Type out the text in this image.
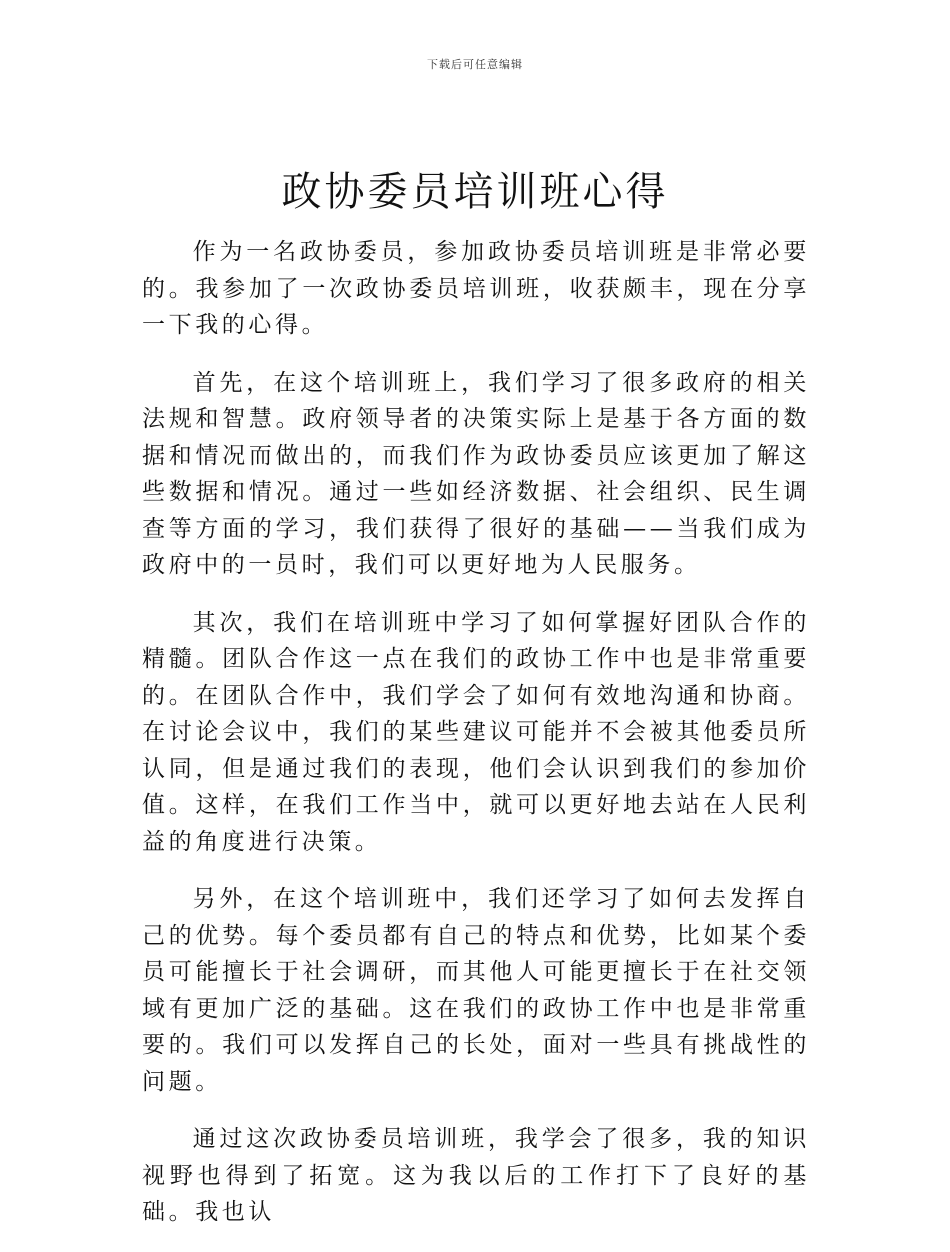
下载后可任意编辑
政协委员培训班心得

作为一名政协委员，参加政协委员培训班是非常必要的。我参加了一次政协委员培训班，收获颇丰，现在分享一下我的心得。

首先，在这个培训班上，我们学习了很多政府的相关法规和智慧。政府领导者的决策实际上是基于各方面的数据和情况而做出的，而我们作为政协委员应该更加了解这些数据和情况。通过一些如经济数据、社会组织、民生调查等方面的学习，我们获得了很好的基础——当我们成为政府中的一员时，我们可以更好地为人民服务。

其次，我们在培训班中学习了如何掌握好团队合作的精髓。团队合作这一点在我们的政协工作中也是非常重要的。在团队合作中，我们学会了如何有效地沟通和协商。在讨论会议中，我们的某些建议可能并不会被其他委员所认同，但是通过我们的表现，他们会认识到我们的参加价值。这样，在我们工作当中，就可以更好地去站在人民利益的角度进行决策。

另外，在这个培训班中，我们还学习了如何去发挥自己的优势。每个委员都有自己的特点和优势，比如某个委员可能擅长于社会调研，而其他人可能更擅长于在社交领域有更加广泛的基础。这在我们的政协工作中也是非常重要的。我们可以发挥自己的长处，面对一些具有挑战性的问题。

通过这次政协委员培训班，我学会了很多，我的知识视野也得到了拓宽。这为我以后的工作打下了良好的基础。我也认
